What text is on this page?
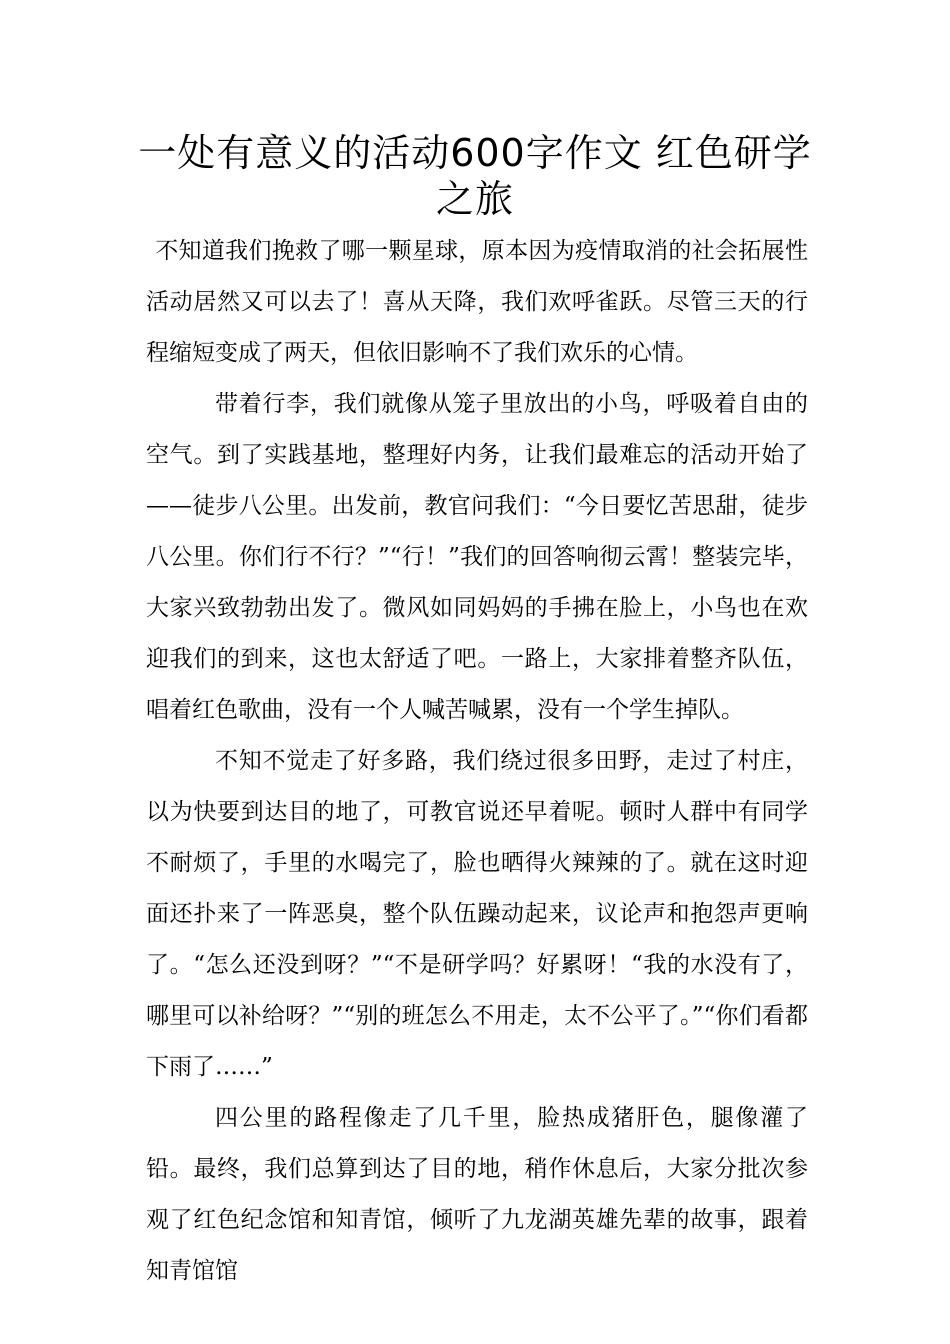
一处有意义的活动600字作文 红色研学之旅

不知道我们挽救了哪一颗星球，原本因为疫情取消的社会拓展性活动居然又可以去了！喜从天降，我们欢呼雀跃。尽管三天的行程缩短变成了两天，但依旧影响不了我们欢乐的心情。

带着行李，我们就像从笼子里放出的小鸟，呼吸着自由的空气。到了实践基地，整理好内务，让我们最难忘的活动开始了——徒步八公里。出发前，教官问我们：“今日要忆苦思甜，徒步八公里。你们行不行？”“行！”我们的回答响彻云霄！整装完毕，大家兴致勃勃出发了。微风如同妈妈的手拂在脸上，小鸟也在欢迎我们的到来，这也太舒适了吧。一路上，大家排着整齐队伍，唱着红色歌曲，没有一个人喊苦喊累，没有一个学生掉队。

不知不觉走了好多路，我们绕过很多田野，走过了村庄，以为快要到达目的地了，可教官说还早着呢。顿时人群中有同学不耐烦了，手里的水喝完了，脸也晒得火辣辣的了。就在这时迎面还扑来了一阵恶臭，整个队伍躁动起来，议论声和抱怨声更响了。“怎么还没到呀？”“不是研学吗？好累呀！“我的水没有了，哪里可以补给呀？”“别的班怎么不用走，太不公平了。”“你们看都下雨了……”

四公里的路程像走了几千里，脸热成猪肝色，腿像灌了铅。最终，我们总算到达了目的地，稍作休息后，大家分批次参观了红色纪念馆和知青馆，倾听了九龙湖英雄先辈的故事，跟着知青馆馆
